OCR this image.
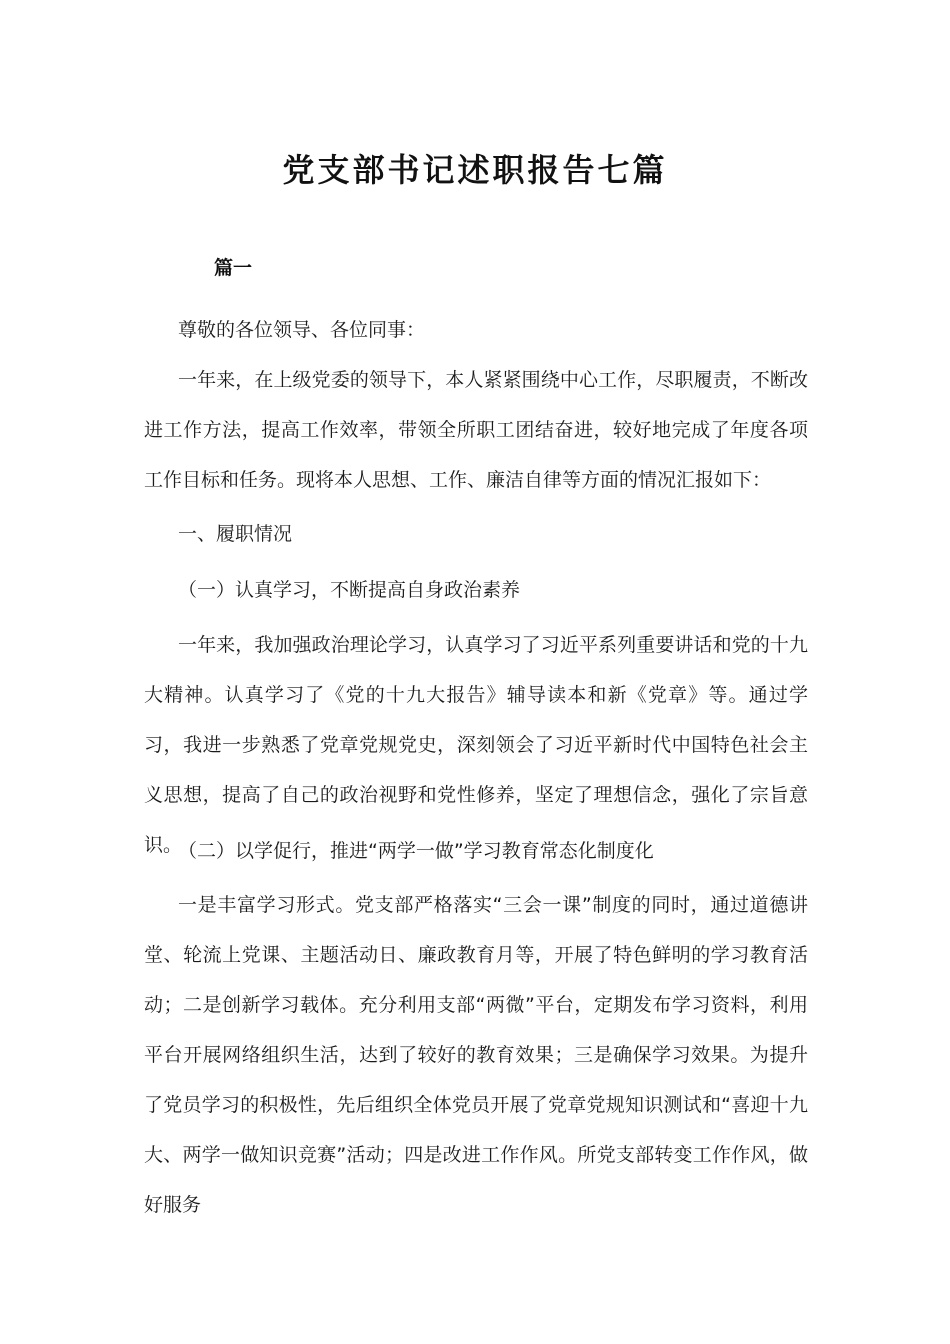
党支部书记述职报告七篇
篇一

尊敬的各位领导、各位同事：

一年来，在上级党委的领导下，本人紧紧围绕中心工作，尽职履责，不断改进工作方法，提高工作效率，带领全所职工团结奋进，较好地完成了年度各项工作目标和任务。现将本人思想、工作、廉洁自律等方面的情况汇报如下：

一、履职情况

（一）认真学习，不断提高自身政治素养

一年来，我加强政治理论学习，认真学习了习近平系列重要讲话和党的十九大精神。认真学习了《党的十九大报告》辅导读本和新《党章》等。通过学习，我进一步熟悉了党章党规党史，深刻领会了习近平新时代中国特色社会主义思想，提高了自己的政治视野和党性修养，坚定了理想信念，强化了宗旨意识。

（二）以学促行，推进“两学一做”学习教育常态化制度化

一是丰富学习形式。党支部严格落实“三会一课”制度的同时，通过道德讲堂、轮流上党课、主题活动日、廉政教育月等，开展了特色鲜明的学习教育活动；二是创新学习载体。充分利用支部“两微”平台，定期发布学习资料，利用平台开展网络组织生活，达到了较好的教育效果；三是确保学习效果。为提升了党员学习的积极性，先后组织全体党员开展了党章党规知识测试和“喜迎十九大、两学一做知识竞赛”活动；四是改进工作作风。所党支部转变工作作风，做好服务
